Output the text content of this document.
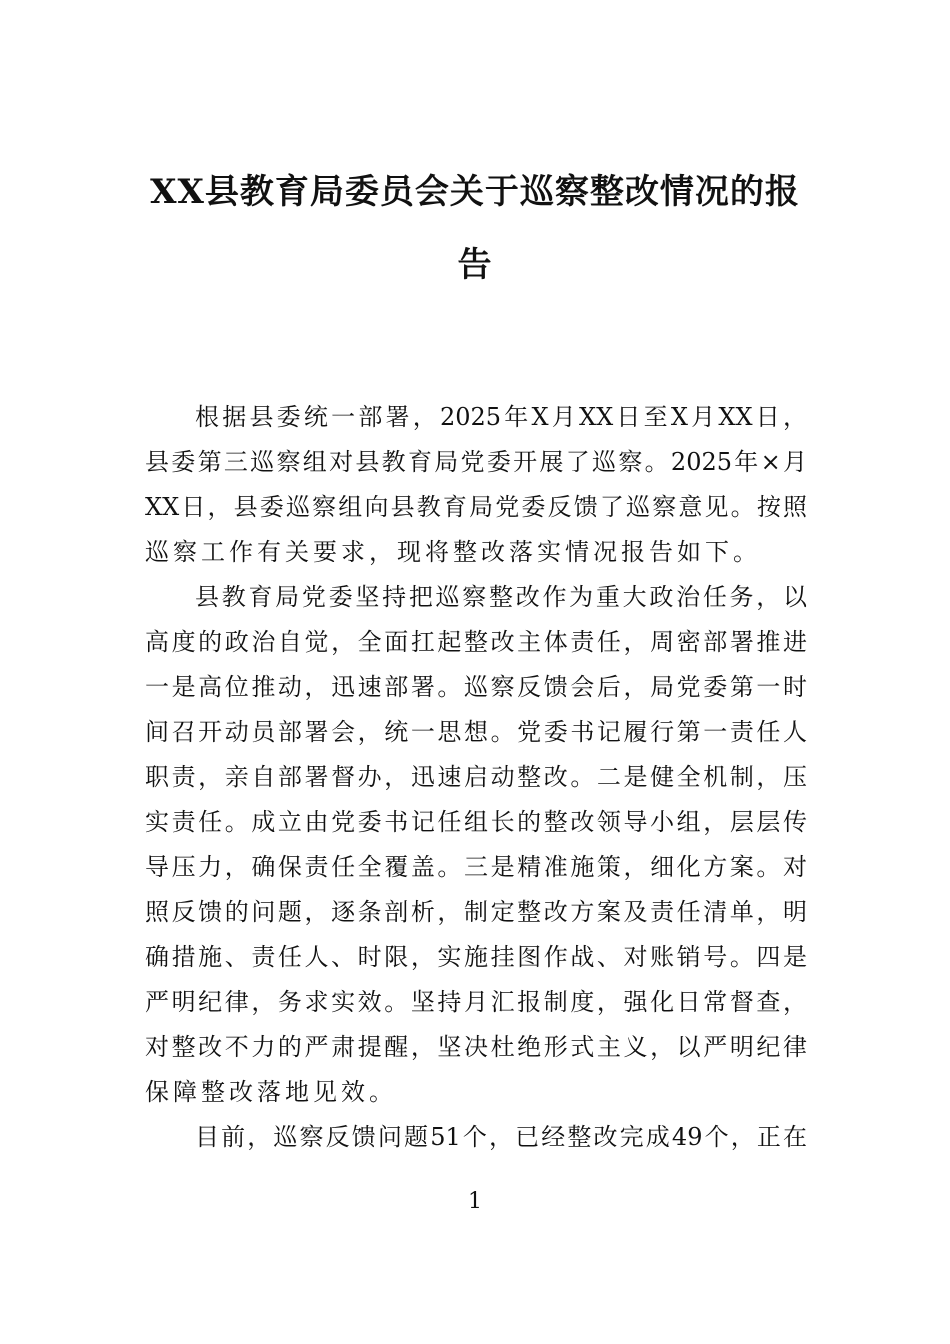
XX县教育局委员会关于巡察整改情况的报
告

根据县委统一部署，2025年X月XX日至X月XX日，
县委第三巡察组对县教育局党委开展了巡察。2025年×月
XX日，县委巡察组向县教育局党委反馈了巡察意见。按照
巡察工作有关要求，现将整改落实情况报告如下。

县教育局党委坚持把巡察整改作为重大政治任务，以
高度的政治自觉，全面扛起整改主体责任，周密部署推进
一是高位推动，迅速部署。巡察反馈会后，局党委第一时
间召开动员部署会，统一思想。党委书记履行第一责任人
职责，亲自部署督办，迅速启动整改。二是健全机制，压
实责任。成立由党委书记任组长的整改领导小组，层层传
导压力，确保责任全覆盖。三是精准施策，细化方案。对
照反馈的问题，逐条剖析，制定整改方案及责任清单，明
确措施、责任人、时限，实施挂图作战、对账销号。四是
严明纪律，务求实效。坚持月汇报制度，强化日常督查，
对整改不力的严肃提醒，坚决杜绝形式主义，以严明纪律
保障整改落地见效。

目前，巡察反馈问题51个，已经整改完成49个，正在

1
